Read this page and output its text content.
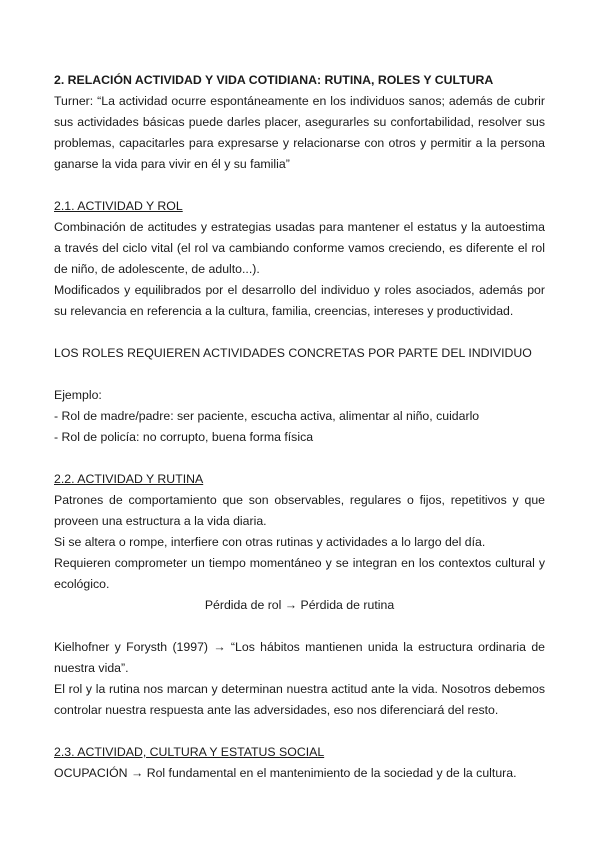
2. RELACIÓN ACTIVIDAD Y VIDA COTIDIANA: RUTINA, ROLES Y CULTURA

Turner: “La actividad ocurre espontáneamente en los individuos sanos; además de cubrir sus actividades básicas puede darles placer, asegurarles su confortabilidad, resolver sus problemas, capacitarles para expresarse y relacionarse con otros y permitir a la persona ganarse la vida para vivir en él y su familia”

2.1. ACTIVIDAD Y ROL

Combinación de actitudes y estrategias usadas para mantener el estatus y la autoestima a través del ciclo vital (el rol va cambiando conforme vamos creciendo, es diferente el rol de niño, de adolescente, de adulto...).

Modificados y equilibrados por el desarrollo del individuo y roles asociados, además por su relevancia en referencia a la cultura, familia, creencias, intereses y productividad.

LOS ROLES REQUIEREN ACTIVIDADES CONCRETAS POR PARTE DEL INDIVIDUO

Ejemplo:

- Rol de madre/padre: ser paciente, escucha activa, alimentar al niño, cuidarlo

- Rol de policía: no corrupto, buena forma física

2.2. ACTIVIDAD Y RUTINA

Patrones de comportamiento que son observables, regulares o fijos, repetitivos y que proveen una estructura a la vida diaria.

Si se altera o rompe, interfiere con otras rutinas y actividades a lo largo del día.

Requieren comprometer un tiempo momentáneo y se integran en los contextos cultural y ecológico.

Pérdida de rol → Pérdida de rutina

Kielhofner y Forysth (1997) → “Los hábitos mantienen unida la estructura ordinaria de nuestra vida”.

El rol y la rutina nos marcan y determinan nuestra actitud ante la vida. Nosotros debemos controlar nuestra respuesta ante las adversidades, eso nos diferenciará del resto.

2.3. ACTIVIDAD, CULTURA Y ESTATUS SOCIAL

OCUPACIÓN → Rol fundamental en el mantenimiento de la sociedad y de la cultura.
